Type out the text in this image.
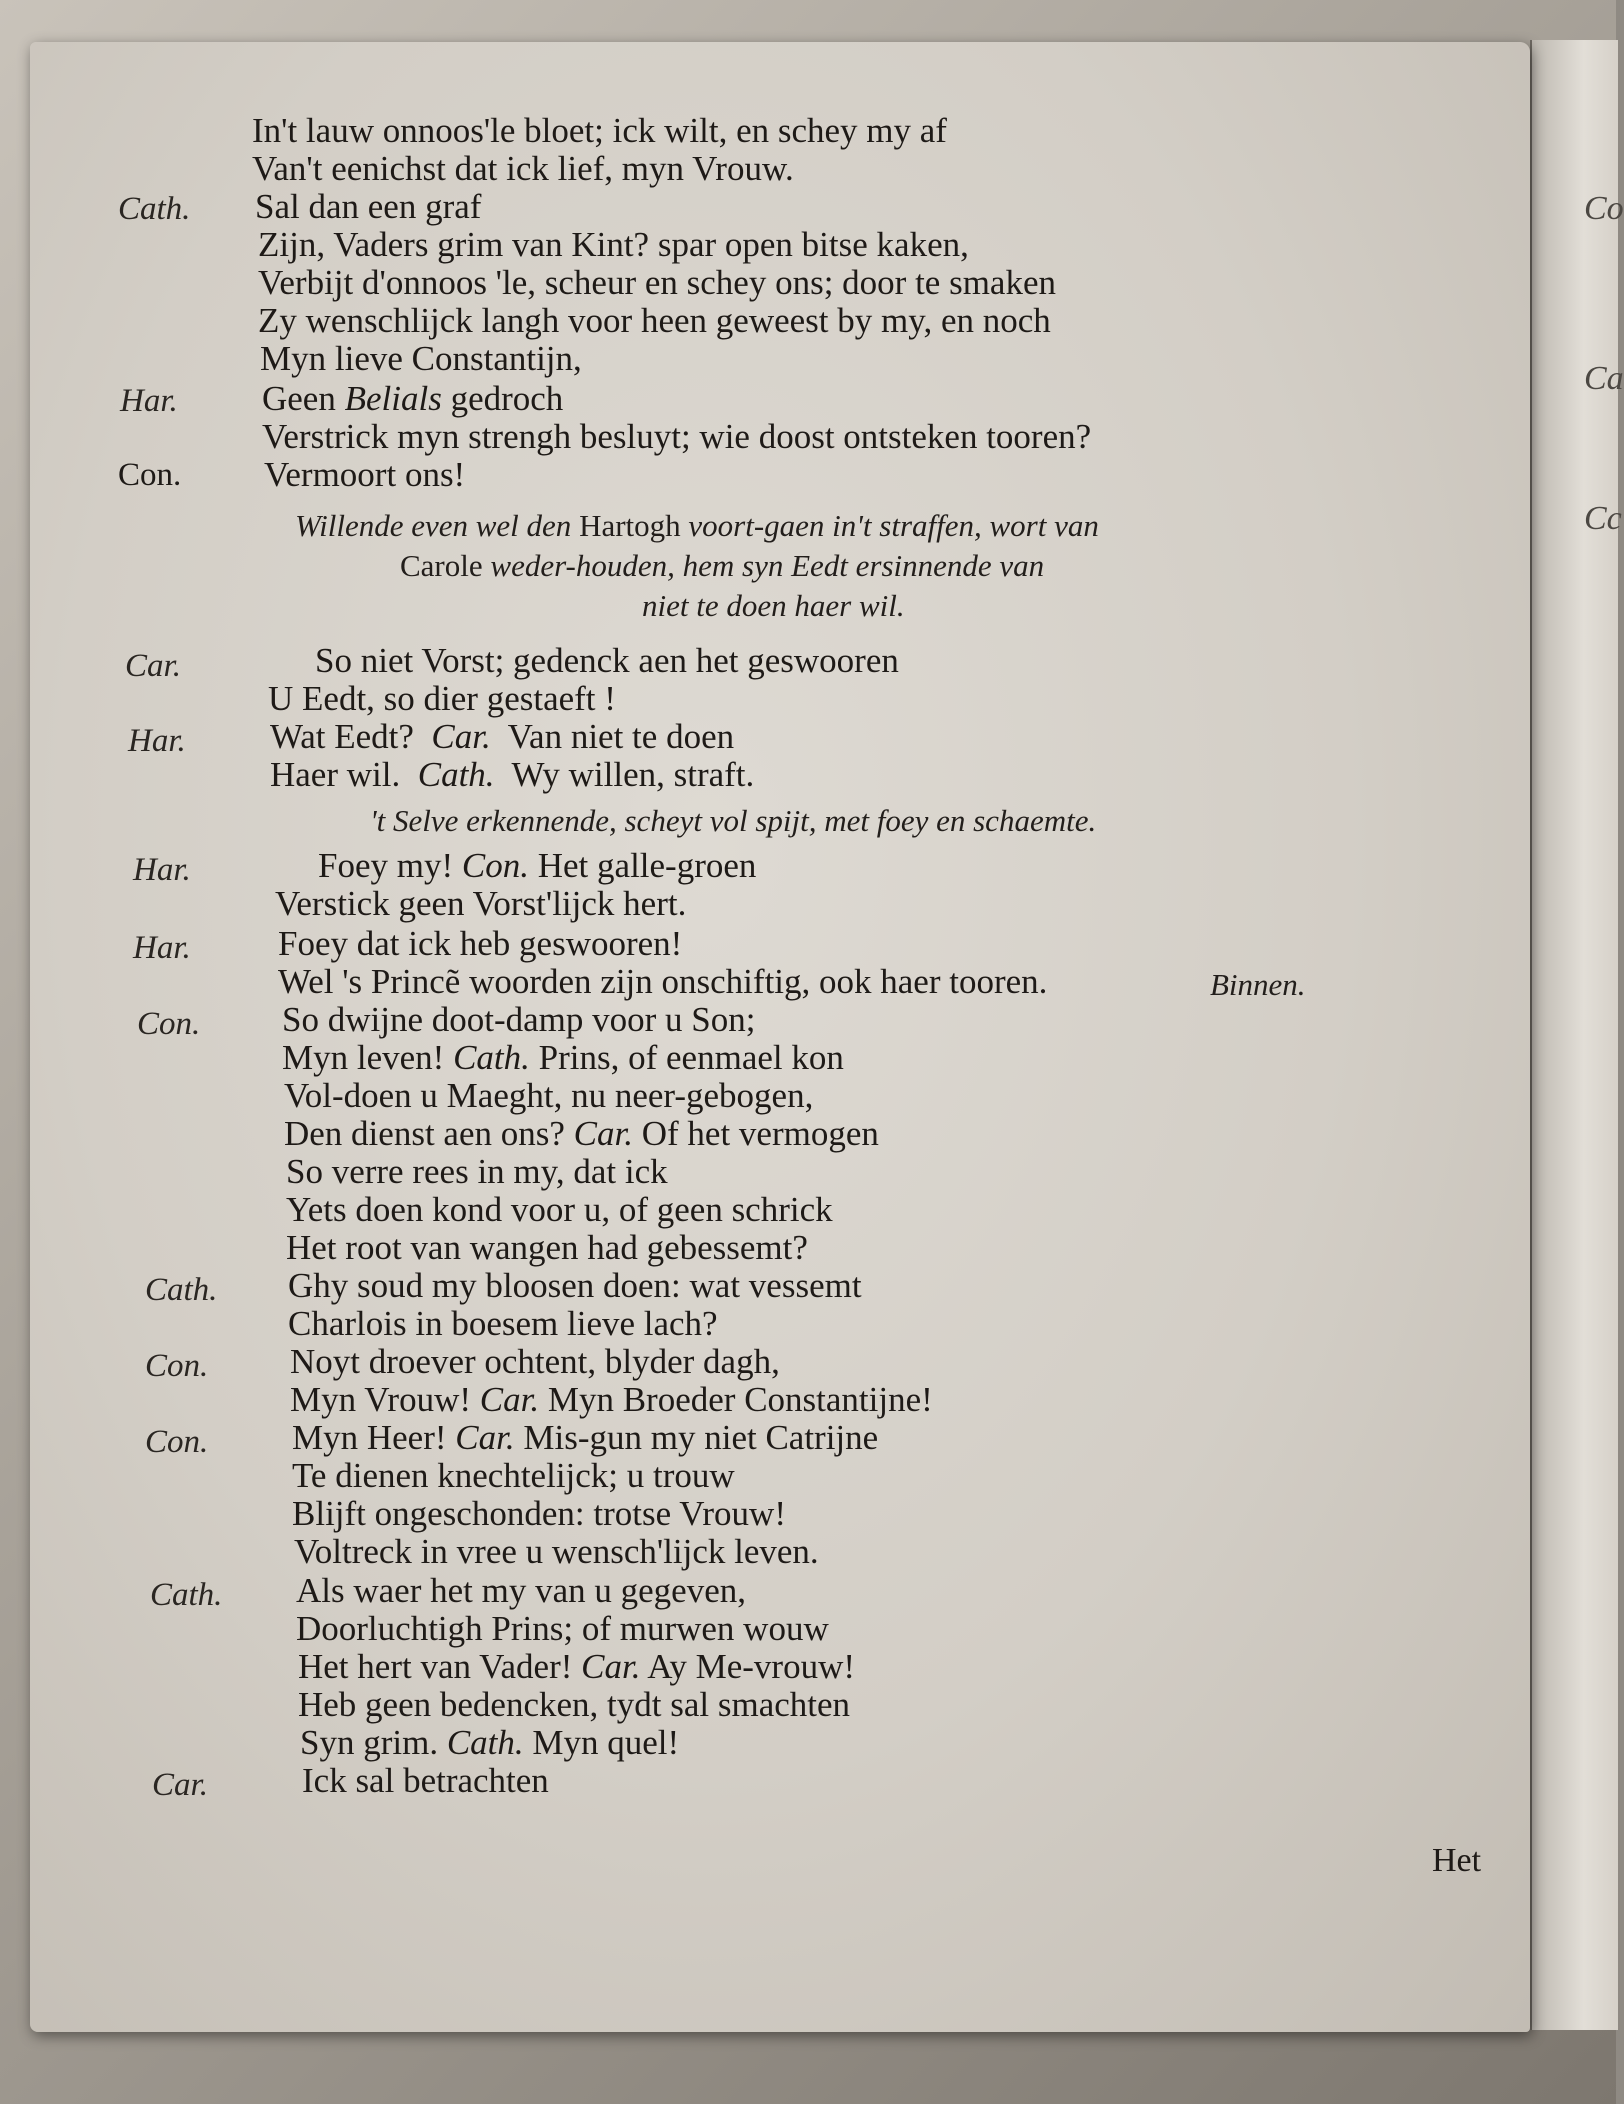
Co
Ca
Cc
In't lauw onnoos'le bloet; ick wilt, en schey my af
Van't eenichst dat ick lief, myn Vrouw.
Cath. Sal dan een graf
Zijn, Vaders grim van Kint? spar open bitse kaken,
Verbijt d'onnoos 'le, scheur en schey ons; door te smaken
Zy wenschlijck langh voor heen geweest by my, en noch
Myn lieve Constantijn,
Har. Geen Belials gedroch
Verstrick myn strengh besluyt; wie doost ontsteken tooren?
Con. Vermoort ons!
Willende even wel den Hartogh voort-gaen in't straffen, wort van
Carole weder-houden, hem syn Eedt ersinnende van
niet te doen haer wil.
Car.	So niet Vorst; gedenck aen het geswooren
U Eedt, so dier gestaeft !
Har. Wat Eedt? Car. Van niet te doen
Haer wil. Cath. Wy willen, straft.
't Selve erkennende, scheyt vol spijt, met foey en schaemte.
Har.	Foey my! Con. Het galle-groen
Verstick geen Vorst'lijck hert.
Har. Foey dat ick heb geswooren!
Wel 's Princẽ woorden zijn onschiftig, ook haer tooren.
Con. So dwijne doot-damp voor u Son;
Myn leven! Cath. Prins, of eenmael kon
Vol-doen u Maeght, nu neer-gebogen,
Den dienst aen ons? Car. Of het vermogen
So verre rees in my, dat ick
Yets doen kond voor u, of geen schrick
Het root van wangen had gebessemt?
Cath. Ghy soud my bloosen doen: wat vessemt
Charlois in boesem lieve lach?
Con. Noyt droever ochtent, blyder dagh,
Myn Vrouw! Car. Myn Broeder Constantijne!
Con. Myn Heer! Car. Mis-gun my niet Catrijne
Te dienen knechtelijck; u trouw
Blijft ongeschonden: trotse Vrouw!
Voltreck in vree u wensch'lijck leven.
Cath. Als waer het my van u gegeven,
Doorluchtigh Prins; of murwen wouw
Het hert van Vader! Car. Ay Me-vrouw!
Heb geen bedencken, tydt sal smachten
Syn grim. Cath. Myn quel!
Car.	Ick sal betrachten
Binnen.
Het
